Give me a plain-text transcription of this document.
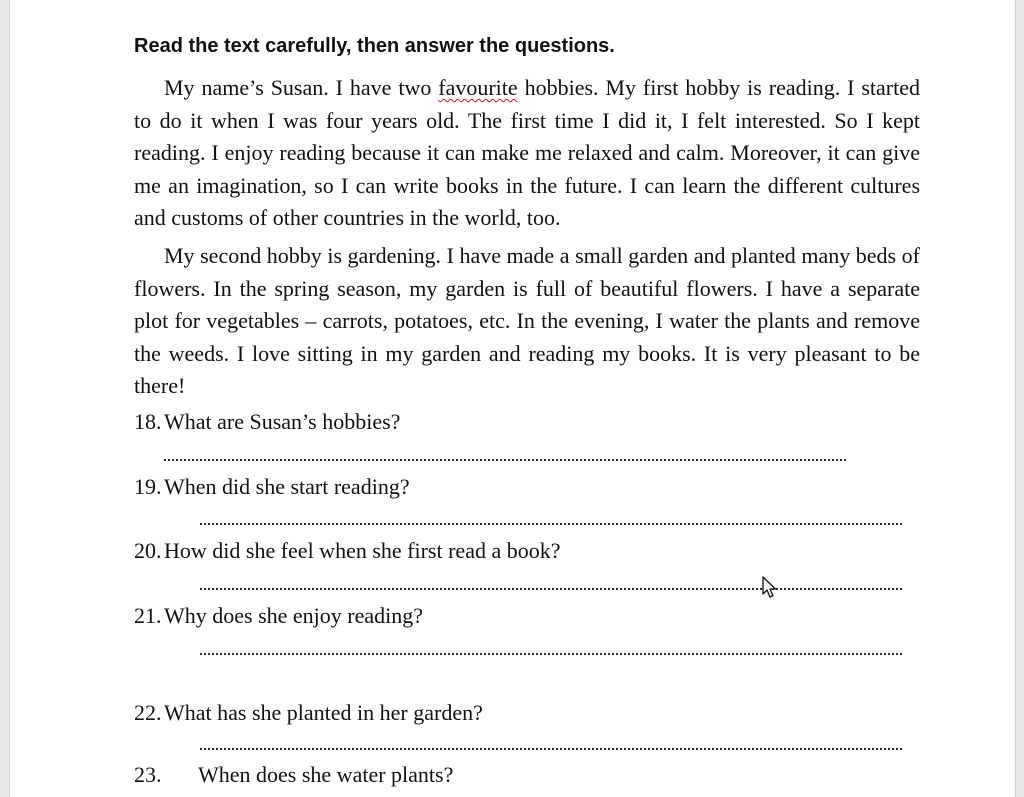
Read the text carefully, then answer the questions.

My name’s Susan. I have two favourite hobbies. My first hobby is reading. I started to do it when I was four years old. The first time I did it, I felt interested. So I kept reading. I enjoy reading because it can make me relaxed and calm. Moreover, it can give me an imagination, so I can write books in the future. I can learn the different cultures and customs of other countries in the world, too.

My second hobby is gardening. I have made a small garden and planted many beds of flowers. In the spring season, my garden is full of beautiful flowers. I have a separate plot for vegetables – carrots, potatoes, etc. In the evening, I water the plants and remove the weeds. I love sitting in my garden and reading my books. It is very pleasant to be there!

18. What are Susan’s hobbies?

19. When did she start reading?

20. How did she feel when she first read a book?

21. Why does she enjoy reading?

22. What has she planted in her garden?

23. When does she water plants?
